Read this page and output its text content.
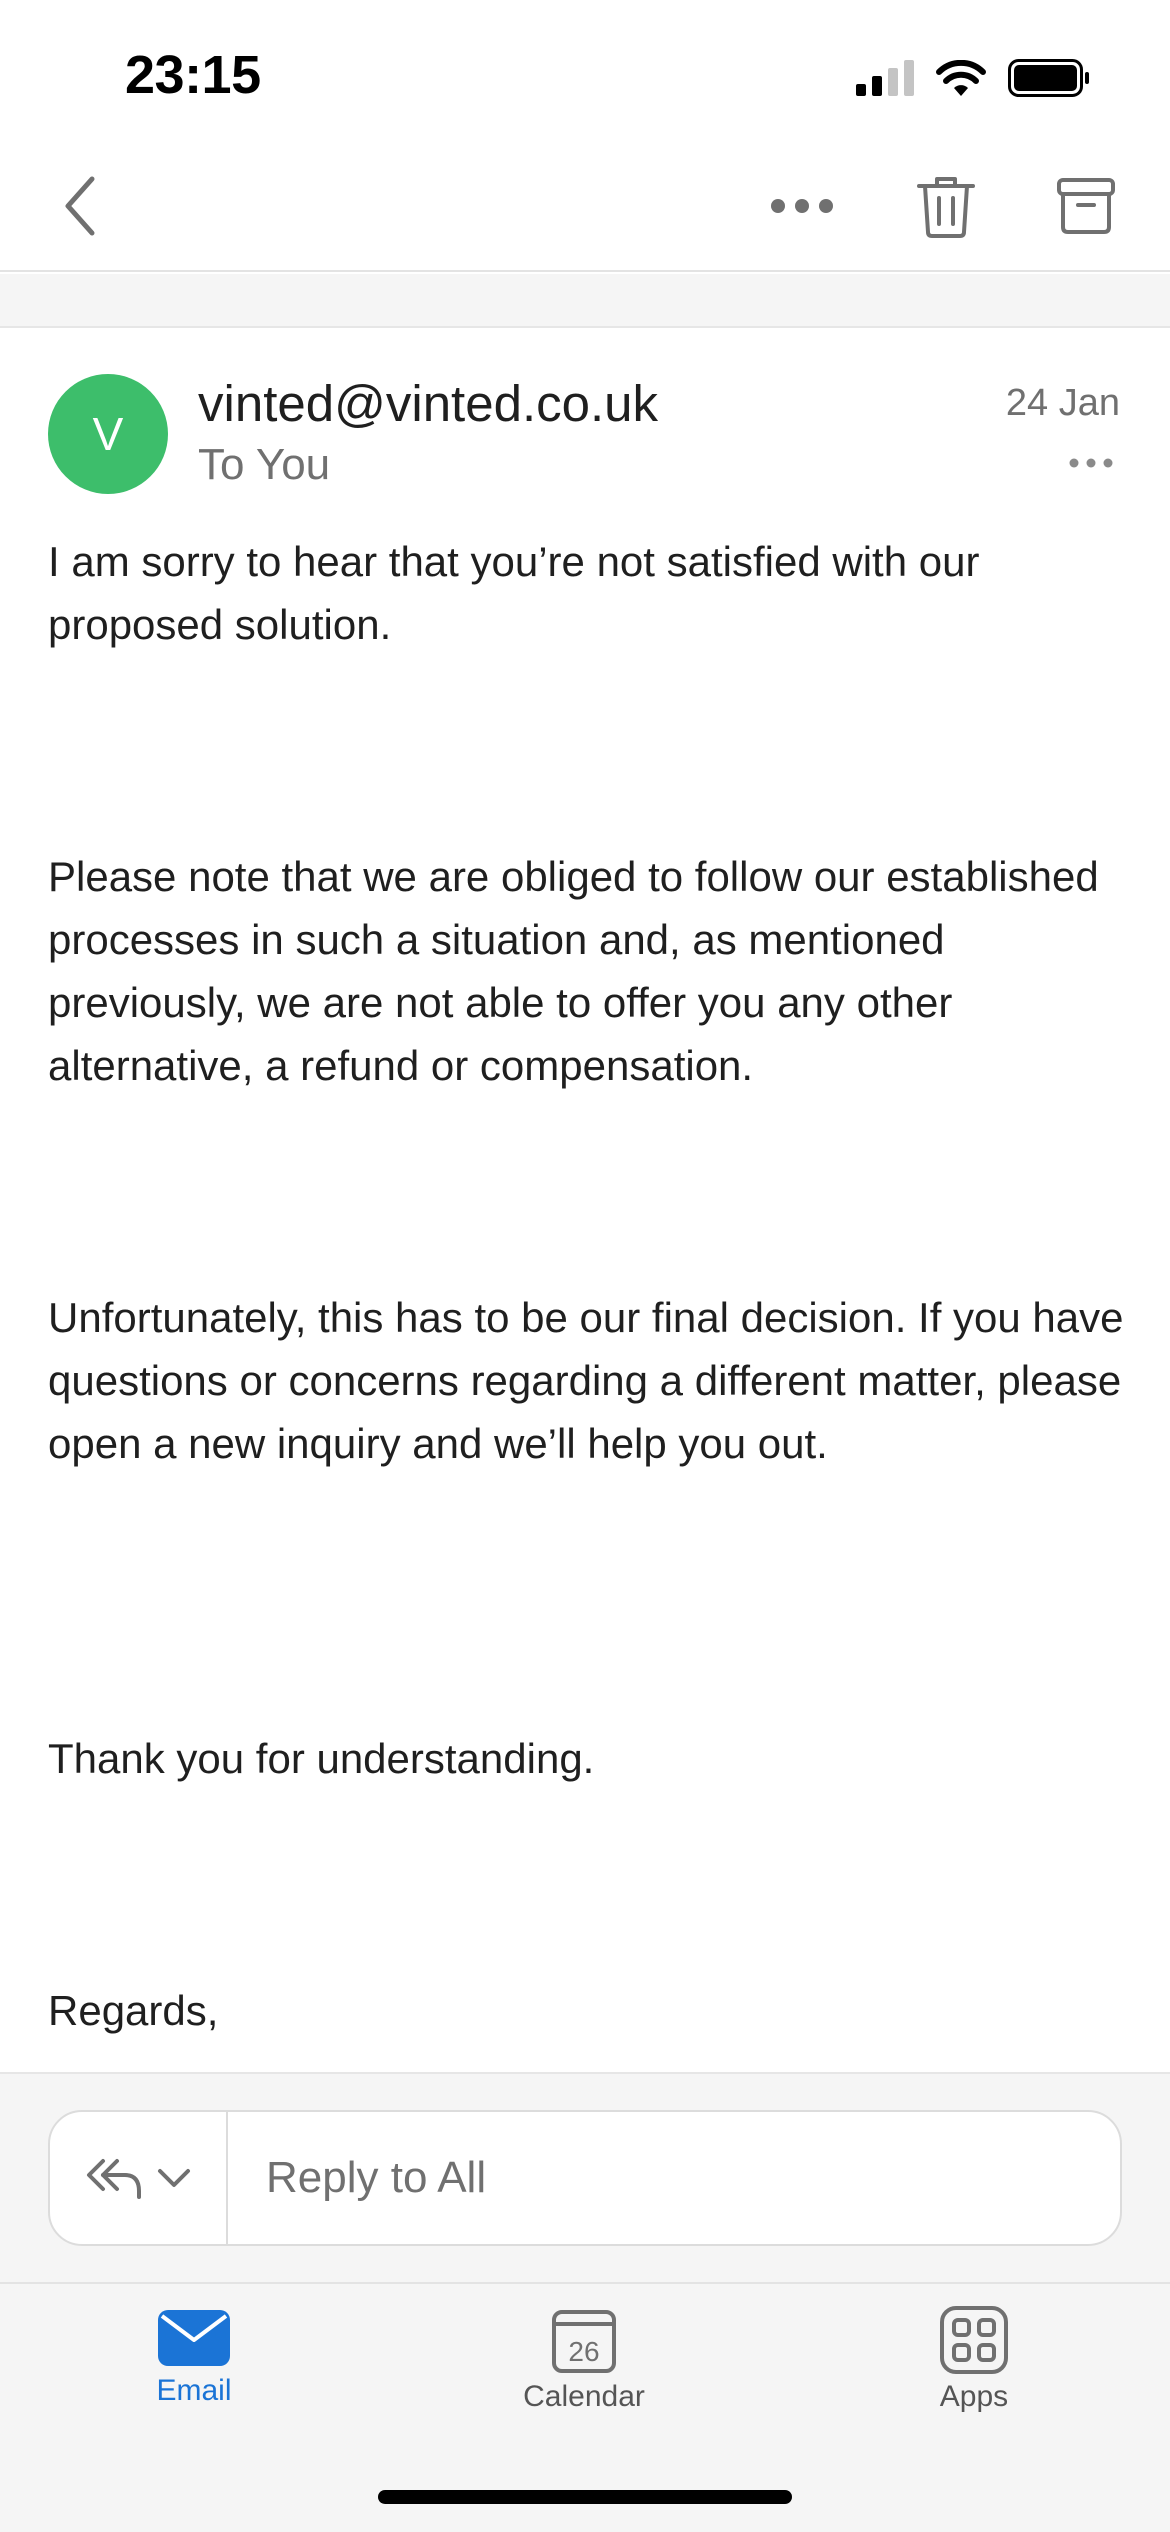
23:15
V
vinted@vinted.co.uk
To You
24 Jan

I am sorry to hear that you’re not satisfied with our proposed solution.

Please note that we are obliged to follow our established processes in such a situation and, as mentioned previously, we are not able to offer you any other alternative, a refund or compensation.

Unfortunately, this has to be our final decision. If you have questions or concerns regarding a different matter, please open a new inquiry and we’ll help you out.

Thank you for understanding.

Regards,

Reply to All
Email
26
Calendar	Apps
